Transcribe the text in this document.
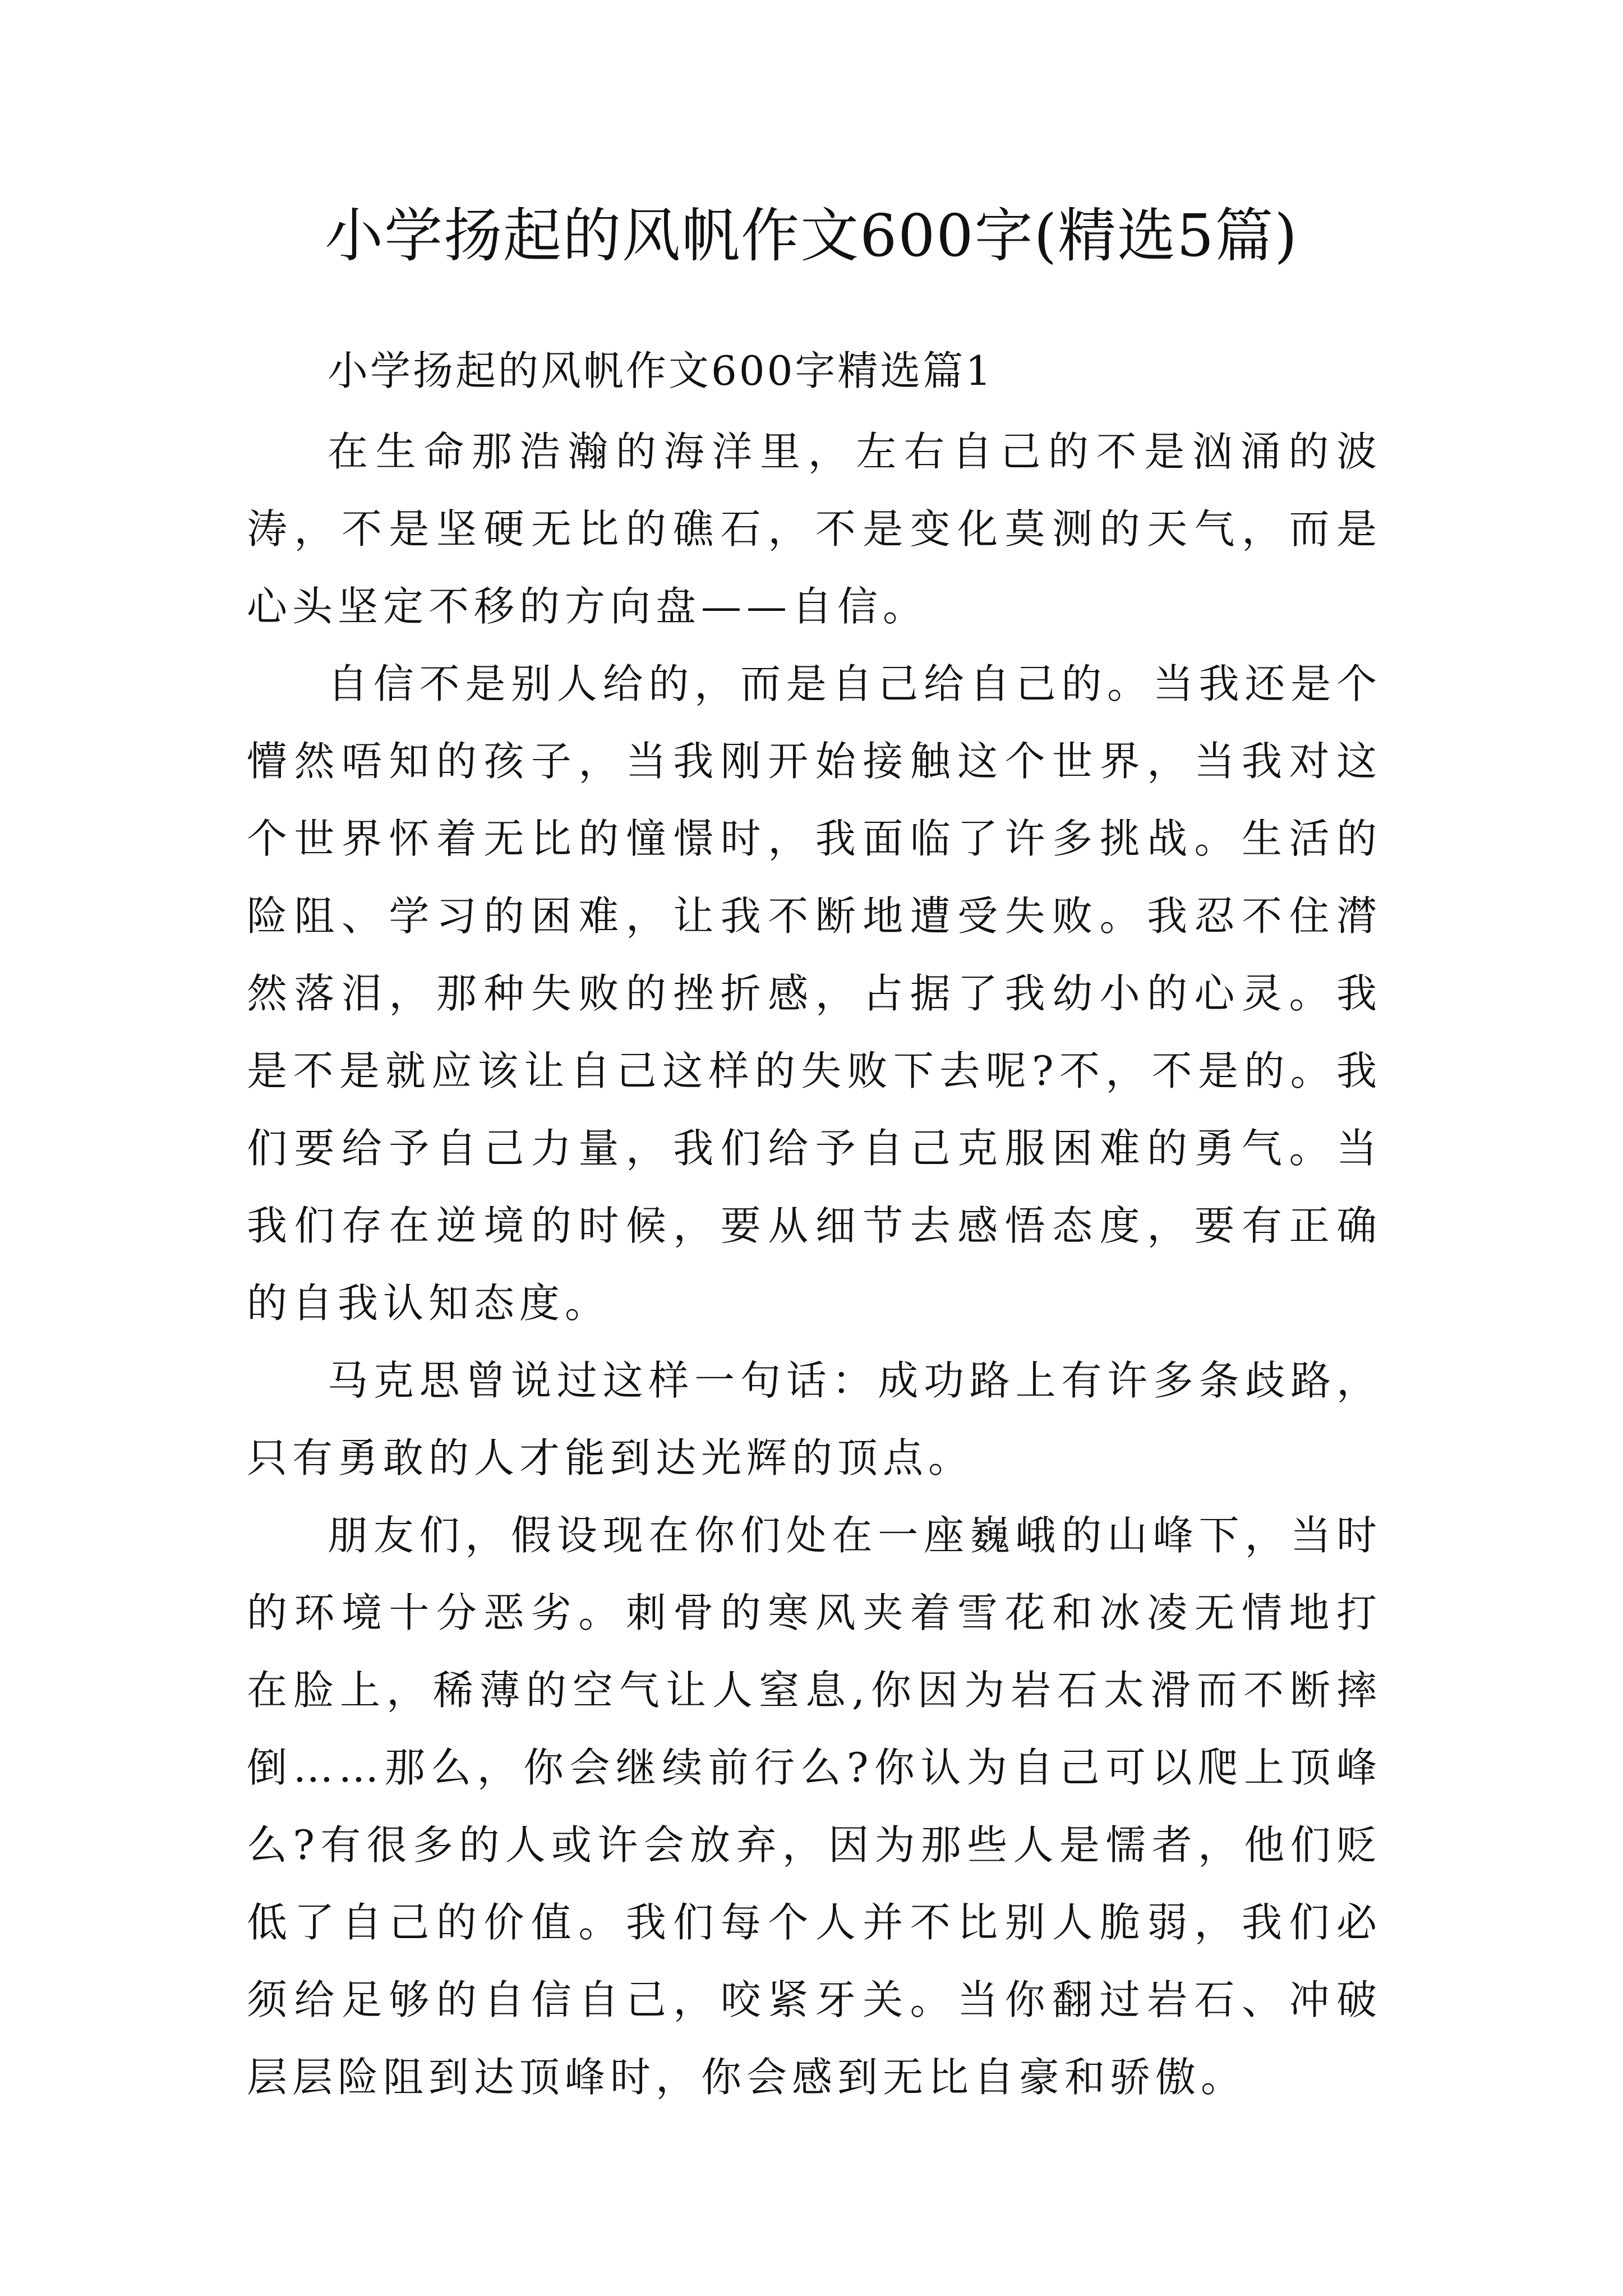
小学扬起的风帆作文600字(精选5篇)

小学扬起的风帆作文600字精选篇1

在生命那浩瀚的海洋里，左右自己的不是汹涌的波涛，不是坚硬无比的礁石，不是变化莫测的天气，而是心头坚定不移的方向盘——自信。

自信不是别人给的，而是自己给自己的。当我还是个懵然唔知的孩子，当我刚开始接触这个世界，当我对这个世界怀着无比的憧憬时，我面临了许多挑战。生活的险阻、学习的困难，让我不断地遭受失败。我忍不住潸然落泪，那种失败的挫折感，占据了我幼小的心灵。我是不是就应该让自己这样的失败下去呢?不，不是的。我们要给予自己力量，我们给予自己克服困难的勇气。当我们存在逆境的时候，要从细节去感悟态度，要有正确的自我认知态度。

马克思曾说过这样一句话：成功路上有许多条歧路，只有勇敢的人才能到达光辉的顶点。

朋友们，假设现在你们处在一座巍峨的山峰下，当时的环境十分恶劣。刺骨的寒风夹着雪花和冰凌无情地打在脸上，稀薄的空气让人窒息,你因为岩石太滑而不断摔倒……那么，你会继续前行么?你认为自己可以爬上顶峰么?有很多的人或许会放弃，因为那些人是懦者，他们贬低了自己的价值。我们每个人并不比别人脆弱，我们必须给足够的自信自己，咬紧牙关。当你翻过岩石、冲破层层险阻到达顶峰时，你会感到无比自豪和骄傲。
